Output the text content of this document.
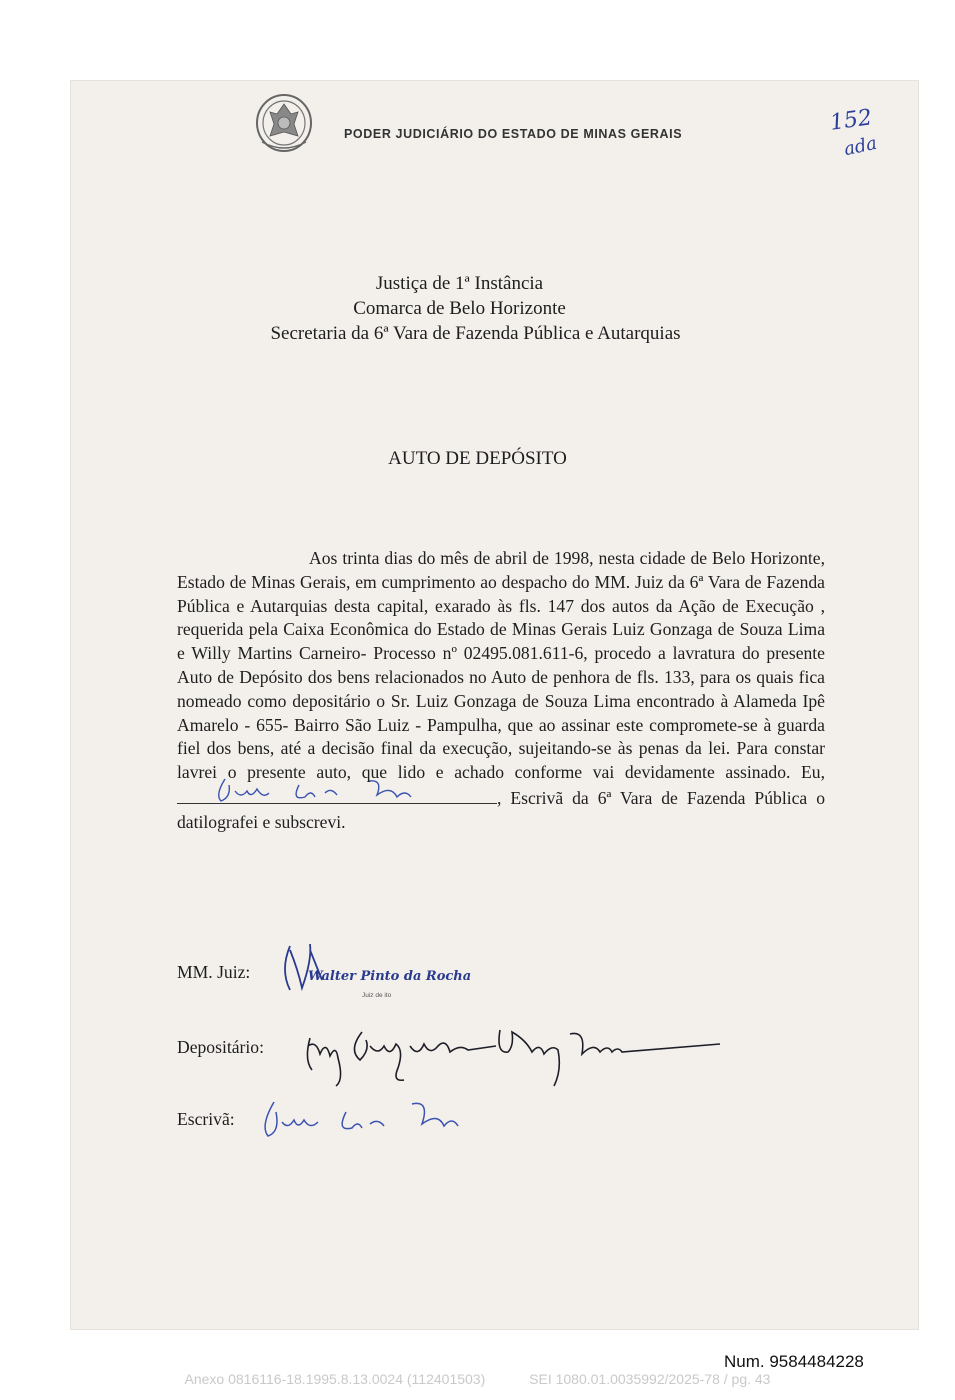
PODER JUDICIÁRIO DO ESTADO DE MINAS GERAIS	152
ada
Justiça de 1ª Instância
Comarca de Belo Horizonte
Secretaria da 6ª Vara de Fazenda Pública e Autarquias
AUTO DE DEPÓSITO
Aos trinta dias do mês de abril de 1998, nesta cidade de Belo Horizonte, Estado de Minas Gerais, em cumprimento ao despacho do MM. Juiz da 6ª Vara de Fazenda Pública e Autarquias desta capital, exarado às fls. 147 dos autos da Ação de Execução , requerida pela Caixa Econômica do Estado de Minas Gerais Luiz Gonzaga de Souza Lima e Willy Martins Carneiro- Processo nº 02495.081.611-6, procedo a lavratura do presente Auto de Depósito dos bens relacionados no Auto de penhora de fls. 133, para os quais fica nomeado como depositário o Sr. Luiz Gonzaga de Souza Lima encontrado à Alameda Ipê Amarelo - 655- Bairro São Luiz - Pampulha, que ao assinar este compromete-se à guarda fiel dos bens, até a decisão final da execução, sujeitando-se às penas da lei. Para constar lavrei o presente auto, que lido e achado conforme vai devidamente assinado. Eu,
, Escrivã da 6ª Vara de Fazenda Pública o datilografei e subscrevi.
MM. Juiz:	Walter Pinto da Rocha
Juiz de ito
Depositário:
Escrivã:
Num. 9584484228
Anexo 0816116-18.1995.8.13.0024 (112401503)	SEI 1080.01.0035992/2025-78 / pg. 43
